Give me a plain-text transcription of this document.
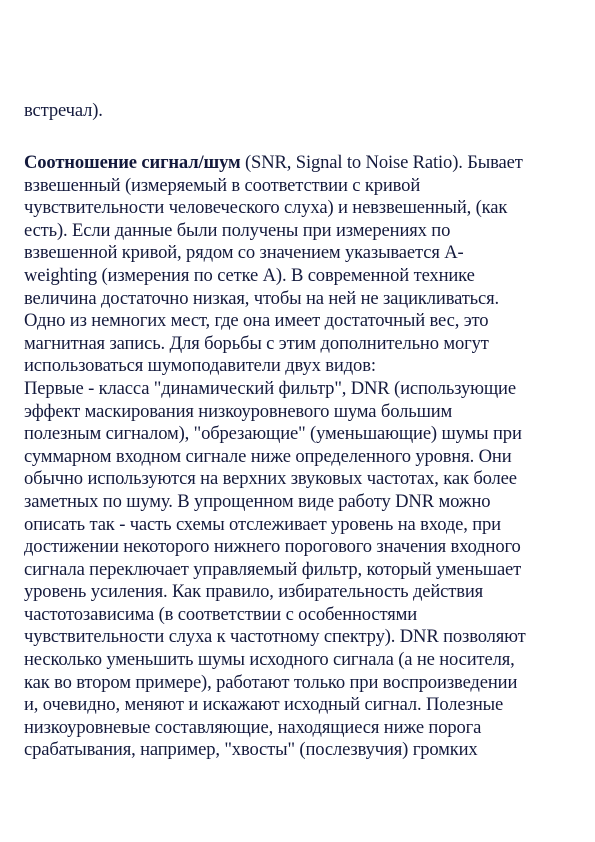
встречал).
Соотношение сигнал/шум (SNR, Signal to Noise Ratio). Бывает
взвешенный (измеряемый в соответствии с кривой
чувствительности человеческого слуха) и невзвешенный, (как
есть). Если данные были получены при измерениях по
взвешенной кривой, рядом со значением указывается A-
weighting (измерения по сетке А). В современной технике
величина достаточно низкая, чтобы на ней не зацикливаться.
Одно из немногих мест, где она имеет достаточный вес, это
магнитная запись. Для борьбы с этим дополнительно могут
использоваться шумоподавители двух видов:
Первые - класса "динамический фильтр", DNR (использующие
эффект маскирования низкоуровневого шума большим
полезным сигналом), "обрезающие" (уменьшающие) шумы при
суммарном входном сигнале ниже определенного уровня. Они
обычно используются на верхних звуковых частотах, как более
заметных по шуму. В упрощенном виде работу DNR можно
описать так - часть схемы отслеживает уровень на входе, при
достижении некоторого нижнего порогового значения входного
сигнала переключает управляемый фильтр, который уменьшает
уровень усиления. Как правило, избирательность действия
частотозависима (в соответствии с особенностями
чувствительности слуха к частотному спектру). DNR позволяют
несколько уменьшить шумы исходного сигнала (а не носителя,
как во втором примере), работают только при воспроизведении
и, очевидно, меняют и искажают исходный сигнал. Полезные
низкоуровневые составляющие, находящиеся ниже порога
срабатывания, например, "хвосты" (послезвучия) громких
